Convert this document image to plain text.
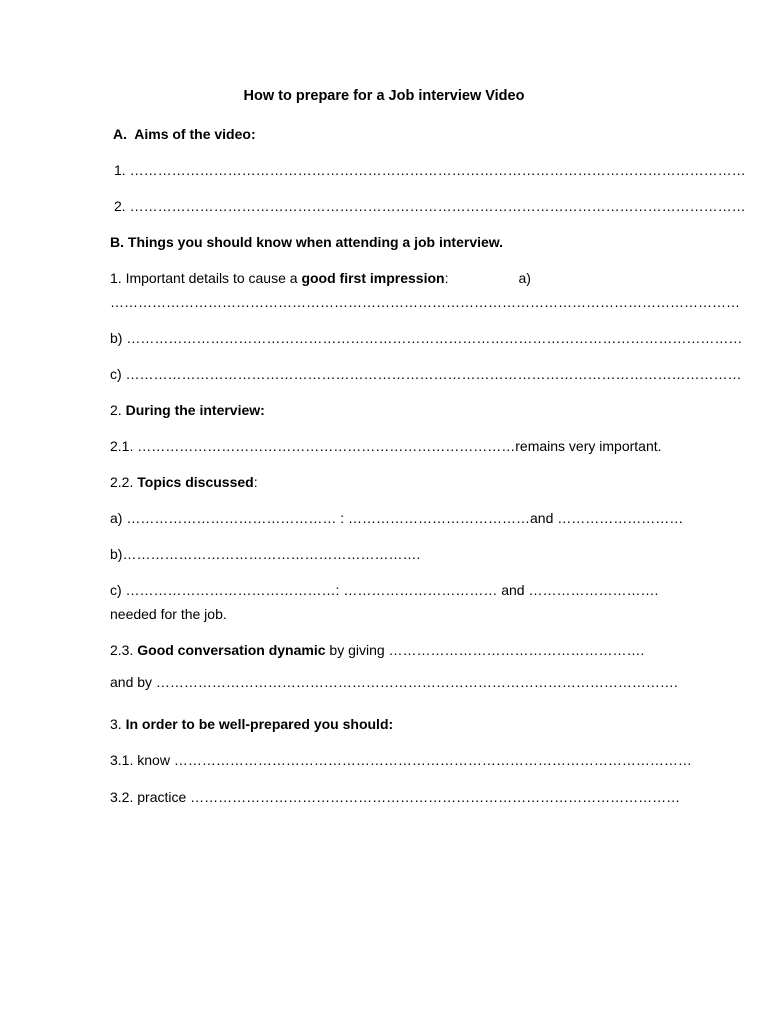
How to prepare for a Job interview Video
A.  Aims of the video:
1. ……………………………………………………………………………………………………………………
2. ……………………………………………………………………………………………………………………
B. Things you should know when attending a job interview.
1. Important details to cause a good first impression:                  a)
………………………………………………………………………………………………………………………
b) ……………………………………………………………………………………………………………………
c) ……………………………………………………………………………………………………………………
2. During the interview:
2.1. ………………………………………………………………………remains very important.
2.2. Topics discussed:
a) ……………………………………… : …………………………………and ………………………
b)……………………………………………………….
c) ………………………………………: …………………………… and ……………………….
needed for the job.
2.3. Good conversation dynamic by giving ……………………………………………….
and by ………………………………………………………………………………………………….
3. In order to be well-prepared you should:
3.1. know …………………………………………………………………………………………………
3.2. practice ……………………………………………………………………………………………
